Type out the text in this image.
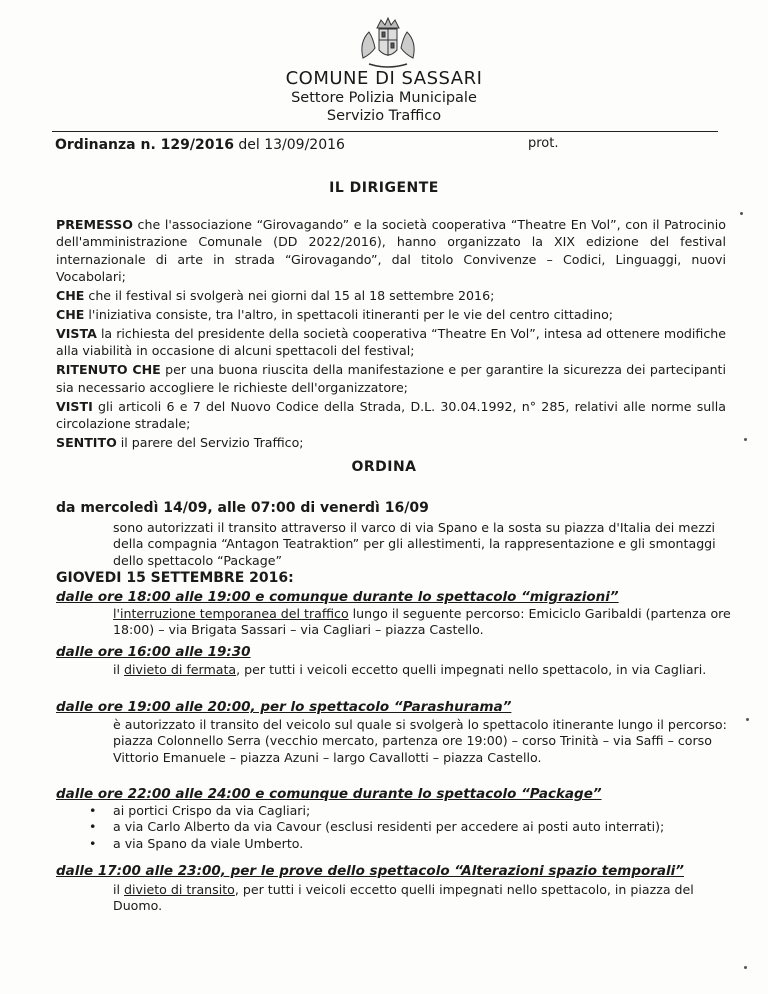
COMUNE DI SASSARI
Settore Polizia Municipale
Servizio Traffico
Ordinanza n. 129/2016 del 13/09/2016	prot.
IL DIRIGENTE

PREMESSO che l'associazione “Girovagando” e la società cooperativa “Theatre En Vol”, con il Patrocinio dell'amministrazione Comunale (DD 2022/2016), hanno organizzato la XIX edizione del festival internazionale di arte in strada “Girovagando”, dal titolo Convivenze – Codici, Linguaggi, nuovi Vocabolari;

CHE che il festival si svolgerà nei giorni dal 15 al 18 settembre 2016;

CHE l'iniziativa consiste, tra l'altro, in spettacoli itineranti per le vie del centro cittadino;

VISTA la richiesta del presidente della società cooperativa “Theatre En Vol”, intesa ad ottenere modifiche alla viabilità in occasione di alcuni spettacoli del festival;

RITENUTO CHE per una buona riuscita della manifestazione e per garantire la sicurezza dei partecipanti sia necessario accogliere le richieste dell'organizzatore;

VISTI gli articoli 6 e 7 del Nuovo Codice della Strada, D.L. 30.04.1992, n° 285, relativi alle norme sulla circolazione stradale;

SENTITO il parere del Servizio Traffico;

ORDINA
da mercoledì 14/09, alle 07:00 di venerdì 16/09

sono autorizzati il transito attraverso il varco di via Spano e la sosta su piazza d'Italia dei mezzi della compagnia “Antagon Teatraktion” per gli allestimenti, la rappresentazione e gli smontaggi dello spettacolo “Package”

GIOVEDI 15 SETTEMBRE 2016:
dalle ore 18:00 alle 19:00 e comunque durante lo spettacolo “migrazioni”

l'interruzione temporanea del traffico lungo il seguente percorso: Emiciclo Garibaldi (partenza ore 18:00) – via Brigata Sassari – via Cagliari – piazza Castello.

dalle ore 16:00 alle 19:30

il divieto di fermata, per tutti i veicoli eccetto quelli impegnati nello spettacolo, in via Cagliari.

dalle ore 19:00 alle 20:00, per lo spettacolo “Parashurama”

è autorizzato il transito del veicolo sul quale si svolgerà lo spettacolo itinerante lungo il percorso: piazza Colonnello Serra (vecchio mercato, partenza ore 19:00) – corso Trinità – via Saffi – corso Vittorio Emanuele – piazza Azuni – largo Cavallotti – piazza Castello.

dalle ore 22:00 alle 24:00 e comunque durante lo spettacolo “Package”
• ai portici Crispo da via Cagliari;
• a via Carlo Alberto da via Cavour (esclusi residenti per accedere ai posti auto interrati);
• a via Spano da viale Umberto.
dalle 17:00 alle 23:00, per le prove dello spettacolo “Alterazioni spazio temporali”

il divieto di transito, per tutti i veicoli eccetto quelli impegnati nello spettacolo, in piazza del Duomo.
